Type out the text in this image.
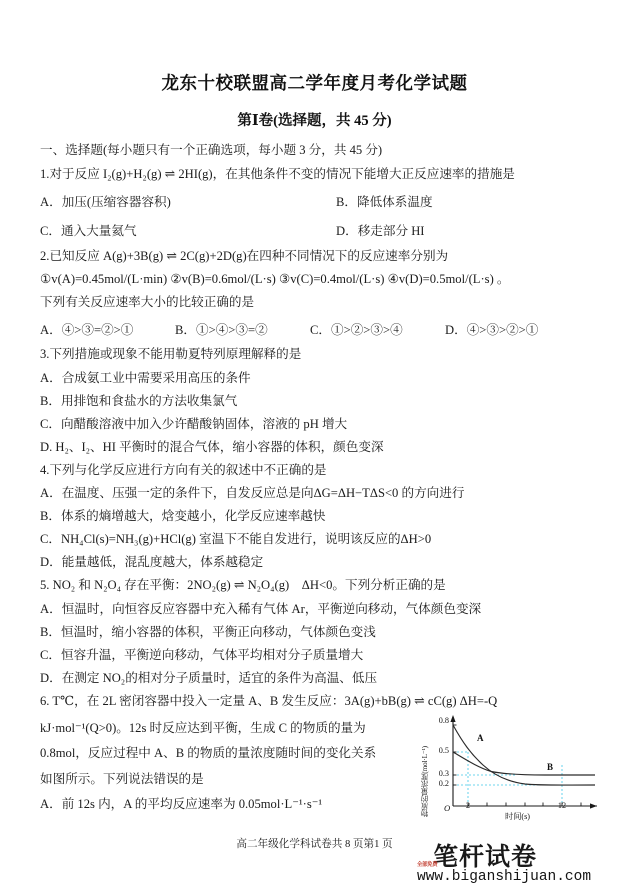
龙东十校联盟高二学年度月考化学试题
第Ⅰ卷(选择题，共 45 分)
一、选择题(每小题只有一个正确选项，每小题 3 分，共 45 分)
1.对于反应 I₂(g)+H₂(g) ⇌ 2HI(g)，在其他条件不变的情况下能增大正反应速率的措施是
A．加压(压缩容器容积)	B．降低体系温度
C．通入大量氦气	D．移走部分 HI
2.已知反应 A(g)+3B(g) ⇌ 2C(g)+2D(g)在四种不同情况下的反应速率分别为
①v(A)=0.45mol/(L·min) ②v(B)=0.6mol/(L·s) ③v(C)=0.4mol/(L·s) ④v(D)=0.5mol/(L·s) 。
下列有关反应速率大小的比较正确的是
A．④>③=②>①	B．①>④>③=②	C．①>②>③>④	D．④>③>②>①
3.下列措施或现象不能用勒夏特列原理解释的是
A．合成氨工业中需要采用高压的条件
B．用排饱和食盐水的方法收集氯气
C．向醋酸溶液中加入少许醋酸钠固体，溶液的 pH 增大
D. H₂、I₂、HI 平衡时的混合气体，缩小容器的体积，颜色变深
4.下列与化学反应进行方向有关的叙述中不正确的是
A．在温度、压强一定的条件下，自发反应总是向ΔG=ΔH−TΔS<0 的方向进行
B．体系的熵增越大，焓变越小，化学反应速率越快
C．NH₄Cl(s)=NH₃(g)+HCl(g) 室温下不能自发进行，说明该反应的ΔH>0
D．能量越低，混乱度越大，体系越稳定
5. NO₂ 和 N₂O₄ 存在平衡：2NO₂(g) ⇌ N₂O₄(g)　ΔH<0。下列分析正确的是
A．恒温时，向恒容反应容器中充入稀有气体 Ar，平衡逆向移动，气体颜色变深
B．恒温时，缩小容器的体积，平衡正向移动，气体颜色变浅
C．恒容升温，平衡逆向移动，气体平均相对分子质量增大
D．在测定 NO₂的相对分子质量时，适宜的条件为高温、低压
6. T℃，在 2L 密闭容器中投入一定量 A、B 发生反应：3A(g)+bB(g) ⇌ cC(g) ΔH=-Q
kJ·mol⁻¹(Q>0)。12s 时反应达到平衡，生成 C 的物质的量为
0.8mol，反应过程中 A、B 的物质的量浓度随时间的变化关系
如图所示。下列说法错误的是
A．前 12s 内，A 的平均反应速率为 0.05mol·L⁻¹·s⁻¹	物质的量浓度(mol·L⁻¹)	时间(s)
0.8
0.5
0.3
0.2
O	2	12
A
B
高二年级化学科试卷共 8 页第1 页
全部免费
笔杆试卷
www.biganshijuan.com
